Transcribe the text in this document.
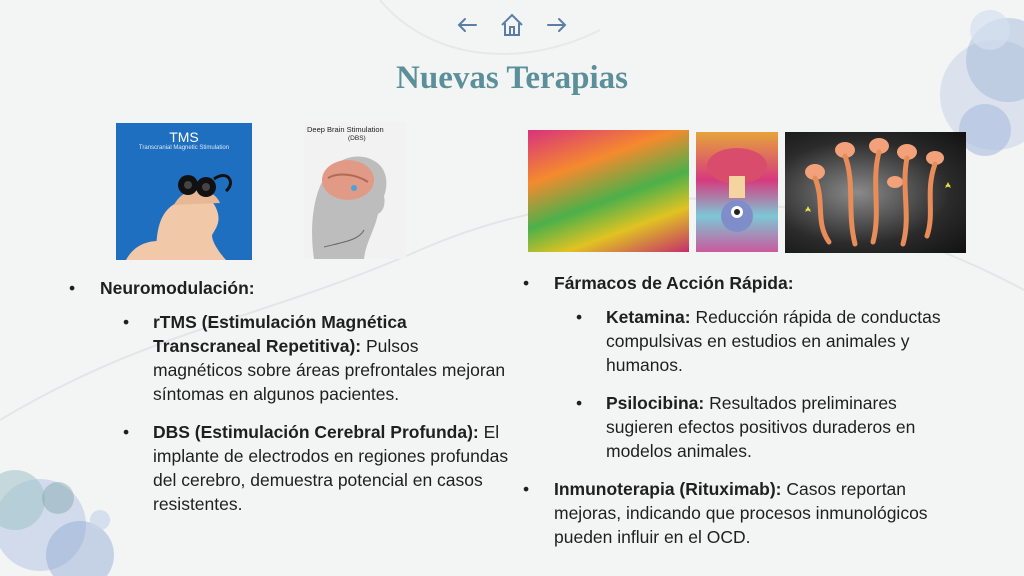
Nuevas Terapias
TMS
Transcranial Magnetic Stimulation
Deep Brain Stimulation
(DBS)
• Neuromodulación:
• rTMS (Estimulación Magnética Transcraneal Repetitiva): Pulsos magnéticos sobre áreas prefrontales mejoran síntomas en algunos pacientes.
• DBS (Estimulación Cerebral Profunda): El implante de electrodos en regiones profundas del cerebro, demuestra potencial en casos resistentes.
• Fármacos de Acción Rápida:
• Ketamina: Reducción rápida de conductas compulsivas en estudios en animales y humanos.
• Psilocibina: Resultados preliminares sugieren efectos positivos duraderos en modelos animales.
• Inmunoterapia (Rituximab): Casos reportan mejoras, indicando que procesos inmunológicos pueden influir en el OCD.
